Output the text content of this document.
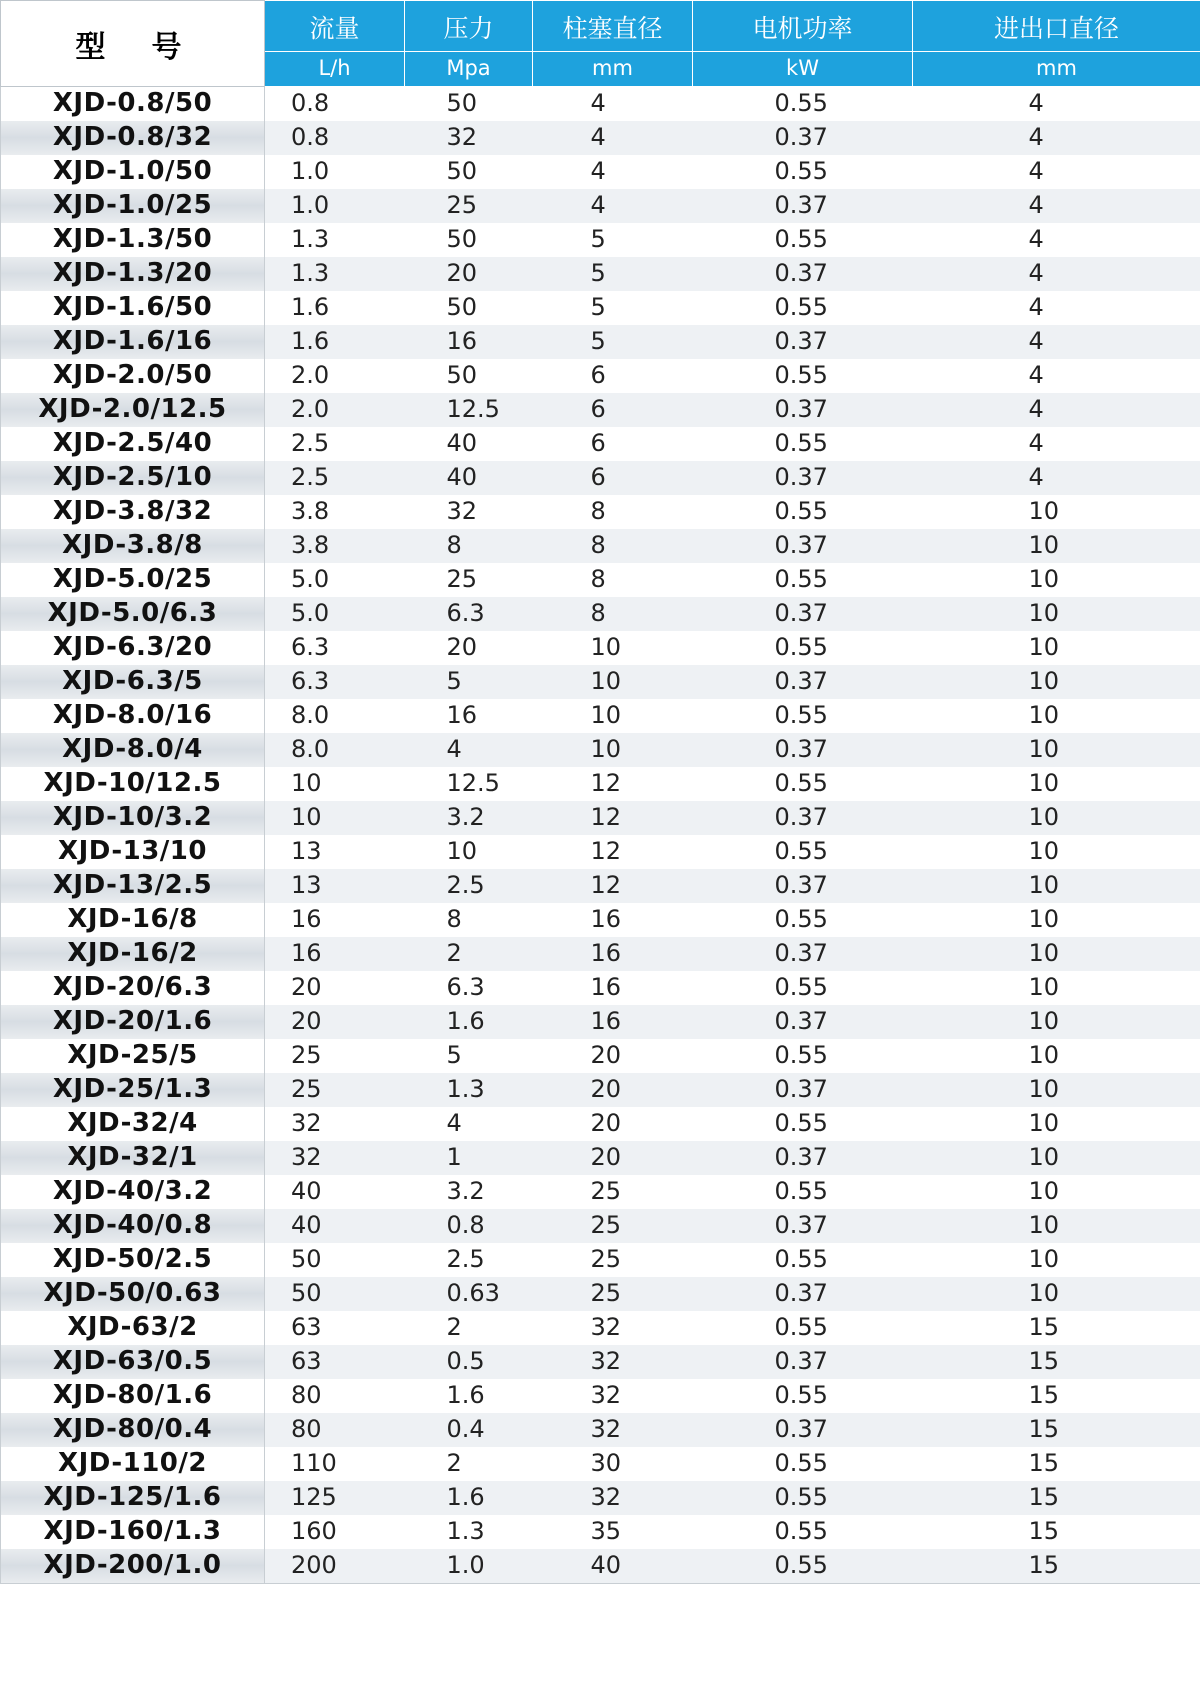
型　号	流量	压力	柱塞直径	电机功率	进出口直径
	L/h	Mpa	mm	kW	mm
XJD-0.8/50	0.8	50	4	0.55	4
XJD-0.8/32	0.8	32	4	0.37	4
XJD-1.0/50	1.0	50	4	0.55	4
XJD-1.0/25	1.0	25	4	0.37	4
XJD-1.3/50	1.3	50	5	0.55	4
XJD-1.3/20	1.3	20	5	0.37	4
XJD-1.6/50	1.6	50	5	0.55	4
XJD-1.6/16	1.6	16	5	0.37	4
XJD-2.0/50	2.0	50	6	0.55	4
XJD-2.0/12.5	2.0	12.5	6	0.37	4
XJD-2.5/40	2.5	40	6	0.55	4
XJD-2.5/10	2.5	40	6	0.37	4
XJD-3.8/32	3.8	32	8	0.55	10
XJD-3.8/8	3.8	8	8	0.37	10
XJD-5.0/25	5.0	25	8	0.55	10
XJD-5.0/6.3	5.0	6.3	8	0.37	10
XJD-6.3/20	6.3	20	10	0.55	10
XJD-6.3/5	6.3	5	10	0.37	10
XJD-8.0/16	8.0	16	10	0.55	10
XJD-8.0/4	8.0	4	10	0.37	10
XJD-10/12.5	10	12.5	12	0.55	10
XJD-10/3.2	10	3.2	12	0.37	10
XJD-13/10	13	10	12	0.55	10
XJD-13/2.5	13	2.5	12	0.37	10
XJD-16/8	16	8	16	0.55	10
XJD-16/2	16	2	16	0.37	10
XJD-20/6.3	20	6.3	16	0.55	10
XJD-20/1.6	20	1.6	16	0.37	10
XJD-25/5	25	5	20	0.55	10
XJD-25/1.3	25	1.3	20	0.37	10
XJD-32/4	32	4	20	0.55	10
XJD-32/1	32	1	20	0.37	10
XJD-40/3.2	40	3.2	25	0.55	10
XJD-40/0.8	40	0.8	25	0.37	10
XJD-50/2.5	50	2.5	25	0.55	10
XJD-50/0.63	50	0.63	25	0.37	10
XJD-63/2	63	2	32	0.55	15
XJD-63/0.5	63	0.5	32	0.37	15
XJD-80/1.6	80	1.6	32	0.55	15
XJD-80/0.4	80	0.4	32	0.37	15
XJD-110/2	110	2	30	0.55	15
XJD-125/1.6	125	1.6	32	0.55	15
XJD-160/1.3	160	1.3	35	0.55	15
XJD-200/1.0	200	1.0	40	0.55	15
